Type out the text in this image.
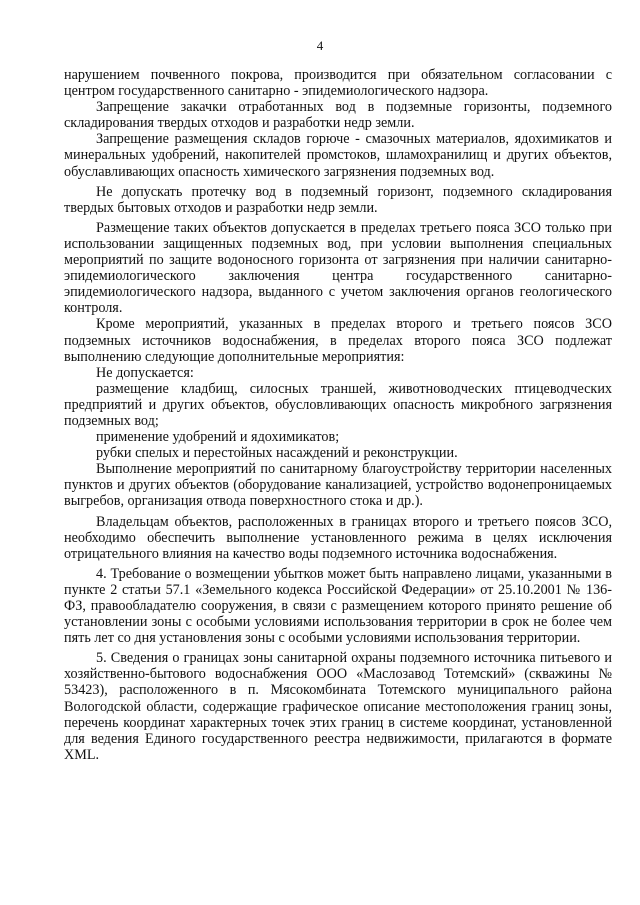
4

нарушением почвенного покрова, производится при обязательном согласовании с центром государственного санитарно - эпидемиологического надзора.

Запрещение закачки отработанных вод в подземные горизонты, подземного складирования твердых отходов и разработки недр земли.

Запрещение размещения складов горюче - смазочных материалов, ядохимикатов и минеральных удобрений, накопителей промстоков, шламохранилищ и других объектов, обуславливающих опасность химического загрязнения подземных вод.

Не допускать протечку вод в подземный горизонт, подземного складирования твердых бытовых отходов и разработки недр земли.

Размещение таких объектов допускается в пределах третьего пояса ЗСО только при использовании защищенных подземных вод, при условии выполнения специальных мероприятий по защите водоносного горизонта от загрязнения при наличии санитарно-эпидемиологического заключения центра государственного санитарно-эпидемиологического надзора, выданного с учетом заключения органов геологического контроля.

Кроме мероприятий, указанных в пределах второго и третьего поясов ЗСО подземных источников водоснабжения, в пределах второго пояса ЗСО подлежат выполнению следующие дополнительные мероприятия:

Не допускается:

размещение кладбищ, силосных траншей, животноводческих птицеводческих предприятий и других объектов, обусловливающих опасность микробного загрязнения подземных вод;

применение удобрений и ядохимикатов;

рубки спелых и перестойных насаждений и реконструкции.

Выполнение мероприятий по санитарному благоустройству территории населенных пунктов и других объектов (оборудование канализацией, устройство водонепроницаемых выгребов, организация отвода поверхностного стока и др.).

Владельцам объектов, расположенных в границах второго и третьего поясов ЗСО, необходимо обеспечить выполнение установленного режима в целях исключения отрицательного влияния на качество воды подземного источника водоснабжения.

4. Требование о возмещении убытков может быть направлено лицами, указанными в пункте 2 статьи 57.1 «Земельного кодекса Российской Федерации» от 25.10.2001 № 136-ФЗ, правообладателю сооружения, в связи с размещением которого принято решение об установлении зоны с особыми условиями использования территории в срок не более чем пять лет со дня установления зоны с особыми условиями использования территории.

5. Сведения о границах зоны санитарной охраны подземного источника питьевого и хозяйственно-бытового водоснабжения ООО «Маслозавод Тотемский» (скважины № 53423), расположенного в п. Мясокомбината Тотемского муниципального района Вологодской области, содержащие графическое описание местоположения границ зоны, перечень координат характерных точек этих границ в системе координат, установленной для ведения Единого государственного реестра недвижимости, прилагаются в формате XML.
